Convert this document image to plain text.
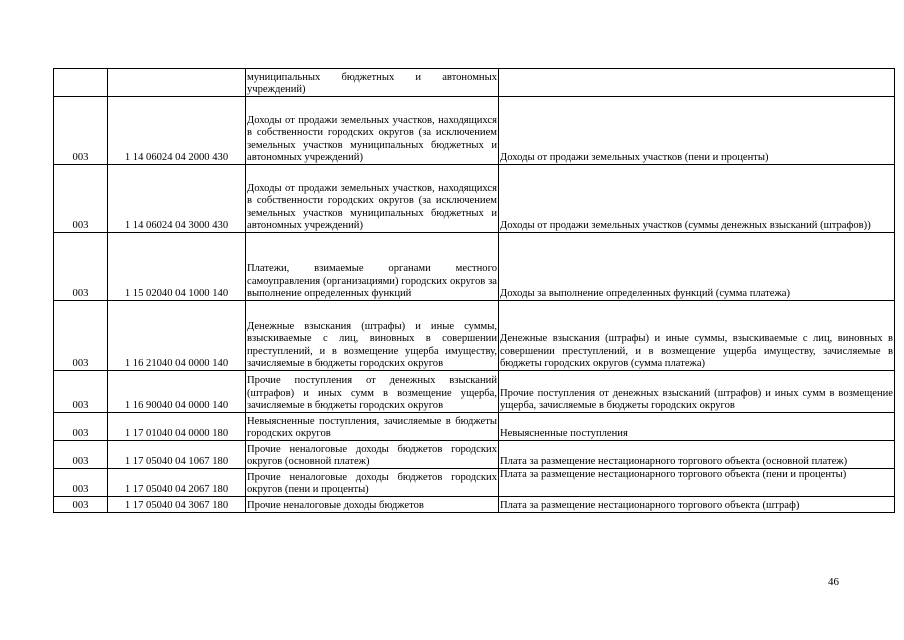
		муниципальных бюджетных и автономных учреждений)	
003	1 14 06024 04 2000 430	Доходы от продажи земельных участков, находящихся в собственности городских округов (за исключением земельных участков муниципальных бюджетных и автономных учреждений)	Доходы от продажи земельных участков (пени и проценты)
003	1 14 06024 04 3000 430	Доходы от продажи земельных участков, находящихся в собственности городских округов (за исключением земельных участков муниципальных бюджетных и автономных учреждений)	Доходы от продажи земельных участков (суммы денежных взысканий (штрафов))
003	1 15 02040 04 1000 140	Платежи, взимаемые органами местного самоуправления (организациями) городских округов за выполнение определенных функций	Доходы за выполнение определенных функций (сумма платежа)
003	1 16 21040 04 0000 140	Денежные взыскания (штрафы) и иные суммы, взыскиваемые с лиц, виновных в совершении преступлений, и в возмещение ущерба имуществу, зачисляемые в бюджеты городских округов	Денежные взыскания (штрафы) и иные суммы, взыскиваемые с лиц, виновных в совершении преступлений, и в возмещение ущерба имуществу, зачисляемые в бюджеты городских округов (сумма платежа)
003	1 16 90040 04 0000 140	Прочие поступления от денежных взысканий (штрафов) и иных сумм в возмещение ущерба, зачисляемые в бюджеты городских округов	Прочие поступления от денежных взысканий (штрафов) и иных сумм в возмещение ущерба, зачисляемые в бюджеты городских округов
003	1 17 01040 04 0000 180	Невыясненные поступления, зачисляемые в бюджеты городских округов	Невыясненные поступления
003	1 17 05040 04 1067 180	Прочие неналоговые доходы бюджетов городских округов (основной платеж)	Плата за размещение нестационарного торгового объекта (основной платеж)
003	1 17 05040 04 2067 180	Прочие неналоговые доходы бюджетов городских округов (пени и проценты)	Плата за размещение нестационарного торгового объекта (пени и проценты)
003	1 17 05040 04 3067 180	Прочие неналоговые доходы бюджетов	Плата за размещение нестационарного торгового объекта (штраф)
46
